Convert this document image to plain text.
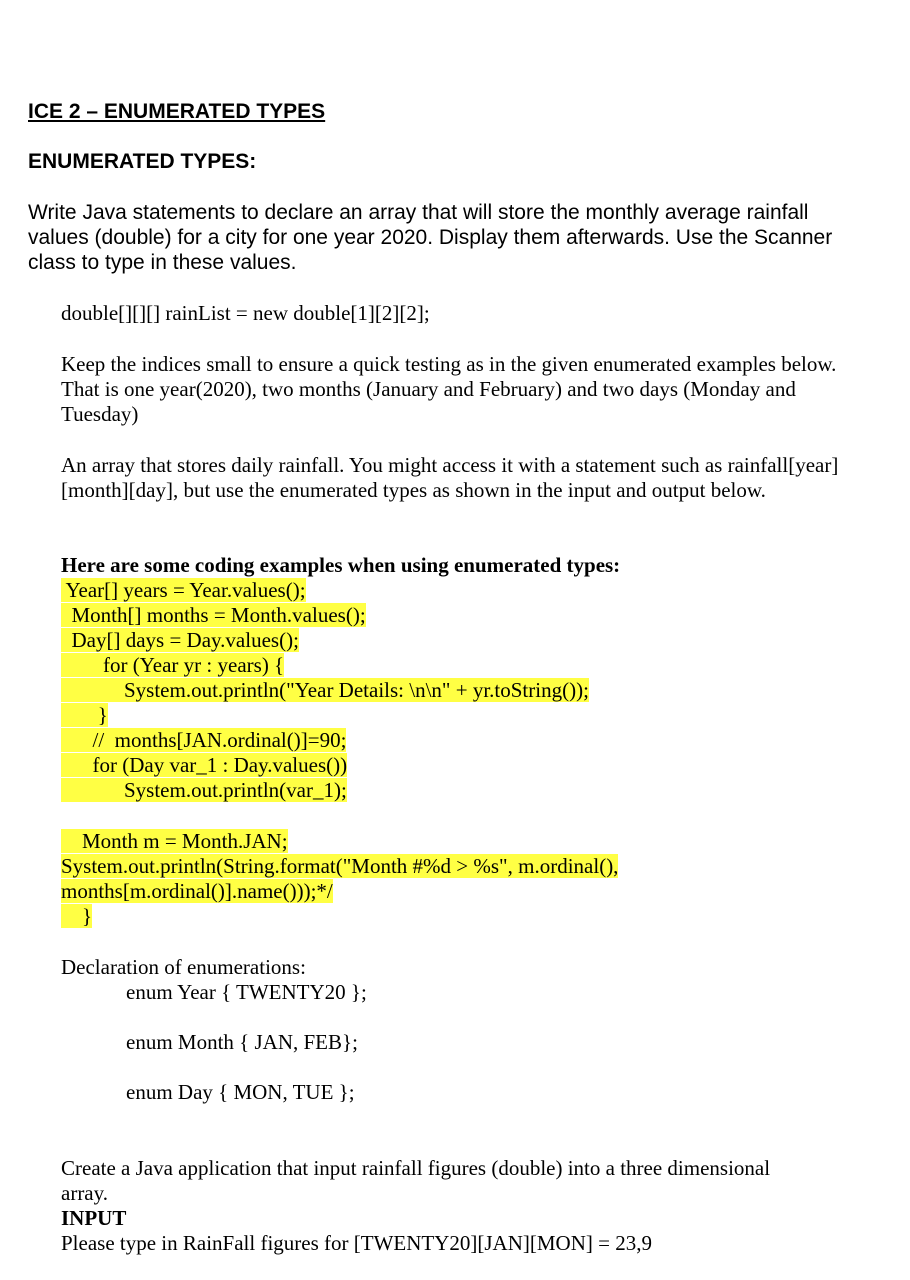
ICE 2 – ENUMERATED TYPES
ENUMERATED TYPES:
Write Java statements to declare an array that will store the monthly average rainfall values (double) for a city for one year 2020. Display them afterwards. Use the Scanner class to type in these values.
double[][][] rainList = new double[1][2][2];
Keep the indices small to ensure a quick testing as in the given enumerated examples below. That is one year(2020), two months (January and February) and two days (Monday and Tuesday)
An array that stores daily rainfall. You might access it with a statement such as rainfall[year][month][day], but use the enumerated types as shown in the input and output below.
Here are some coding examples when using enumerated types:
Year[] years = Year.values();
Month[] months = Month.values();
Day[] days = Day.values();
for (Year yr : years) {
System.out.println("Year Details: \n\n" + yr.toString());
}
//  months[JAN.ordinal()]=90;
for (Day var_1 : Day.values())
System.out.println(var_1);
Month m = Month.JAN;
System.out.println(String.format("Month #%d > %s", m.ordinal(),
months[m.ordinal()].name()));*/
}
Declaration of enumerations:
enum Year { TWENTY20 };
enum Month { JAN, FEB};
enum Day { MON, TUE };
Create a Java application that input rainfall figures (double) into a three dimensional array.
INPUT
Please type in RainFall figures for [TWENTY20][JAN][MON] = 23,9
